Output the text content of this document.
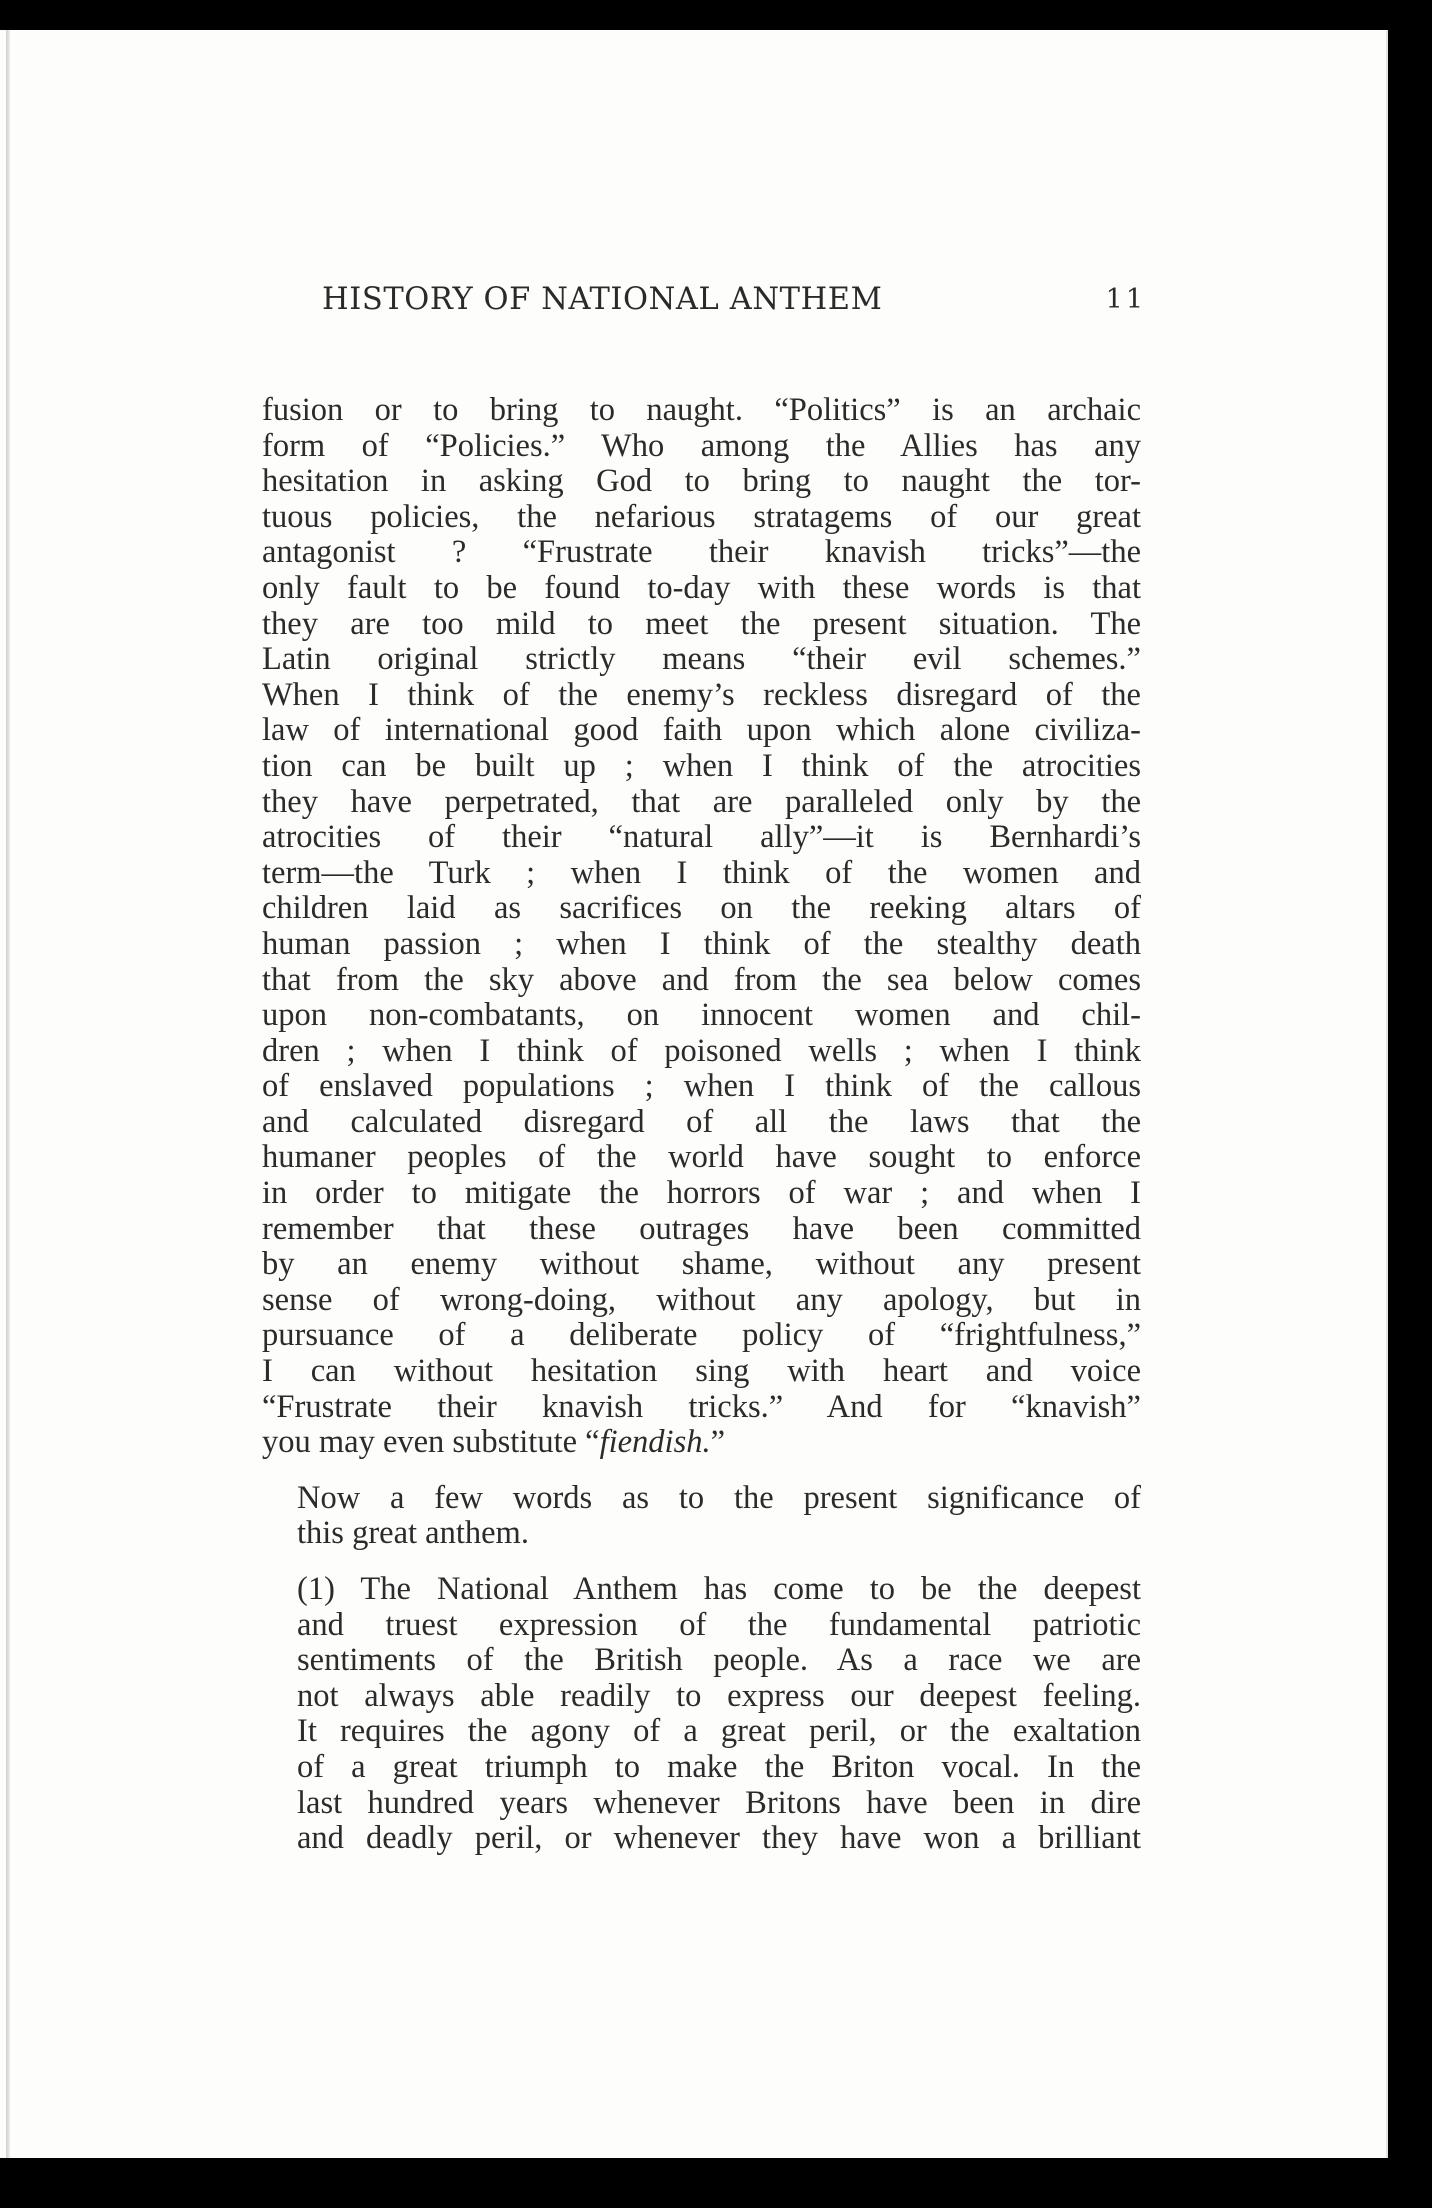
HISTORY OF NATIONAL ANTHEM	11

fusion or to bring to naught. “Politics” is an archaic
form of “Policies.” Who among the Allies has any
hesitation in asking God to bring to naught the tor-
tuous policies, the nefarious stratagems of our great
antagonist ? “Frustrate their knavish tricks”—the
only fault to be found to-day with these words is that
they are too mild to meet the present situation. The
Latin original strictly means “their evil schemes.”
When I think of the enemy’s reckless disregard of the
law of international good faith upon which alone civiliza-
tion can be built up ; when I think of the atrocities
they have perpetrated, that are paralleled only by the
atrocities of their “natural ally”—it is Bernhardi’s
term—the Turk ; when I think of the women and
children laid as sacrifices on the reeking altars of
human passion ; when I think of the stealthy death
that from the sky above and from the sea below comes
upon non-combatants, on innocent women and chil-
dren ; when I think of poisoned wells ; when I think
of enslaved populations ; when I think of the callous
and calculated disregard of all the laws that the
humaner peoples of the world have sought to enforce
in order to mitigate the horrors of war ; and when I
remember that these outrages have been committed
by an enemy without shame, without any present
sense of wrong-doing, without any apology, but in
pursuance of a deliberate policy of “frightfulness,”
I can without hesitation sing with heart and voice
“Frustrate their knavish tricks.” And for “knavish”
you may even substitute “fiendish.”

Now a few words as to the present significance of
this great anthem.

(1) The National Anthem has come to be the deepest
and truest expression of the fundamental patriotic
sentiments of the British people. As a race we are
not always able readily to express our deepest feeling.
It requires the agony of a great peril, or the exaltation
of a great triumph to make the Briton vocal. In the
last hundred years whenever Britons have been in dire
and deadly peril, or whenever they have won a brilliant
